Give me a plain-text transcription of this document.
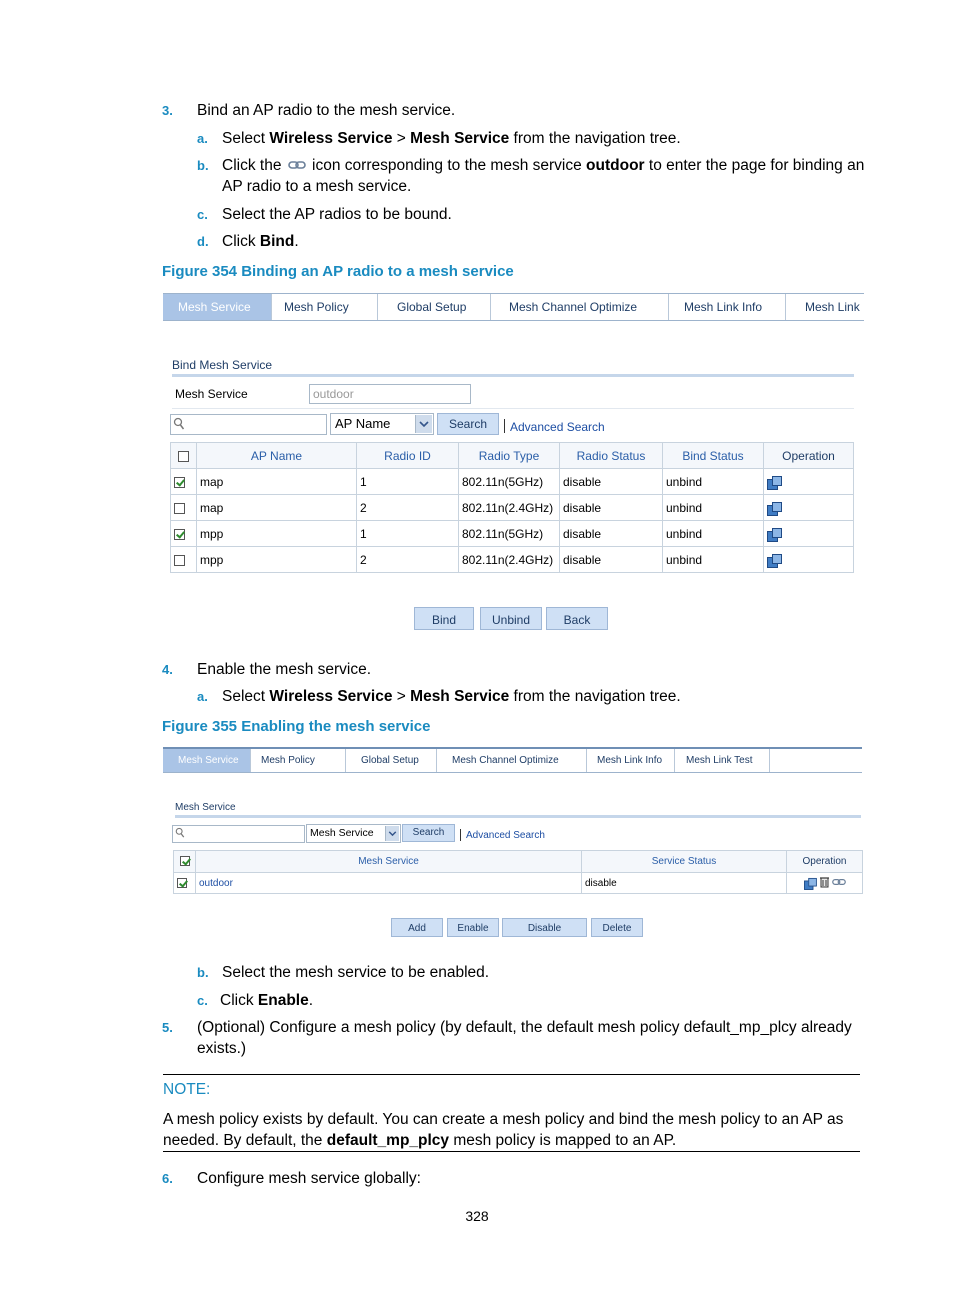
3. Bind an AP radio to the mesh service.
a. Select Wireless Service > Mesh Service from the navigation tree.
b. Click the  icon corresponding to the mesh service outdoor to enter the page for binding an
AP radio to a mesh service.
c. Select the AP radios to be bound.
d. Click Bind.
Figure 354 Binding an AP radio to a mesh service
Mesh Service	Mesh Policy	Global Setup	Mesh Channel Optimize	Mesh Link Info	Mesh Link
Bind Mesh Service
Mesh Service	outdoor
AP Name	Search	Advanced Search
	AP Name	Radio ID	Radio Type	Radio Status	Bind Status	Operation
	map	1	802.11n(5GHz)	disable	unbind	
	map	2	802.11n(2.4GHz)	disable	unbind	
	mpp	1	802.11n(5GHz)	disable	unbind	
	mpp	2	802.11n(2.4GHz)	disable	unbind	
Bind	Unbind	Back
4. Enable the mesh service.
a. Select Wireless Service > Mesh Service from the navigation tree.
Figure 355 Enabling the mesh service
Mesh Service	Mesh Policy	Global Setup	Mesh Channel Optimize	Mesh Link Info	Mesh Link Test
Mesh Service
Mesh Service	Search	Advanced Search
	Mesh Service	Service Status	Operation
	outdoor	disable	
Add	Enable	Disable	Delete
b. Select the mesh service to be enabled.
c. Click Enable.
5. (Optional) Configure a mesh policy (by default, the default mesh policy default_mp_plcy already
exists.)
NOTE:
A mesh policy exists by default. You can create a mesh policy and bind the mesh policy to an AP as
needed. By default, the default_mp_plcy mesh policy is mapped to an AP.
6. Configure mesh service globally:
328
